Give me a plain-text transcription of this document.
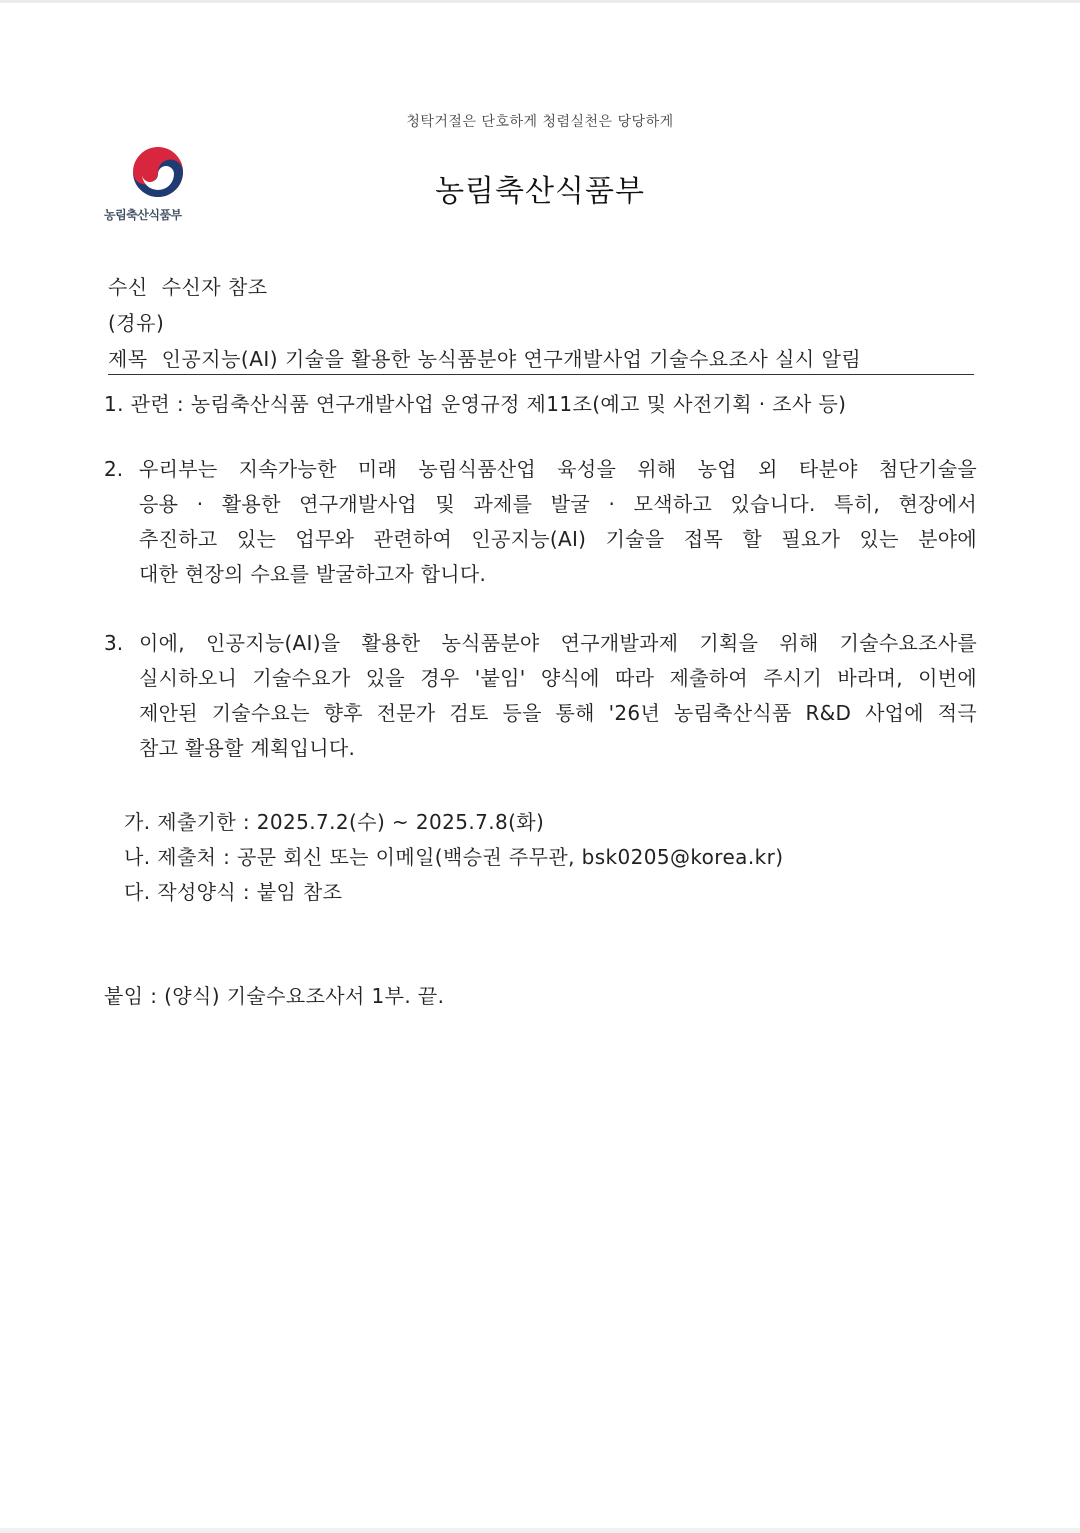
청탁거절은 단호하게 청렴실천은 당당하게
농림축산식품부
농림축산식품부
수신 수신자 참조
(경유)
제목 인공지능(AI) 기술을 활용한 농식품분야 연구개발사업 기술수요조사 실시 알림
1. 관련 : 농림축산식품 연구개발사업 운영규정 제11조(예고 및 사전기획 · 조사 등)
2. 우리부는 지속가능한 미래 농림식품산업 육성을 위해 농업 외 타분야 첨단기술을
응용 · 활용한 연구개발사업 및 과제를 발굴 · 모색하고 있습니다. 특히, 현장에서
추진하고 있는 업무와 관련하여 인공지능(AI) 기술을 접목 할 필요가 있는 분야에
대한 현장의 수요를 발굴하고자 합니다.
3. 이에, 인공지능(AI)을 활용한 농식품분야 연구개발과제 기획을 위해 기술수요조사를
실시하오니 기술수요가 있을 경우 '붙임' 양식에 따라 제출하여 주시기 바라며, 이번에
제안된 기술수요는 향후 전문가 검토 등을 통해 '26년 농림축산식품 R&D 사업에 적극
참고 활용할 계획입니다.
가. 제출기한 : 2025.7.2(수) ~ 2025.7.8(화)
나. 제출처 : 공문 회신 또는 이메일(백승권 주무관, bsk0205@korea.kr)
다. 작성양식 : 붙임 참조
붙임 : (양식) 기술수요조사서 1부. 끝.
